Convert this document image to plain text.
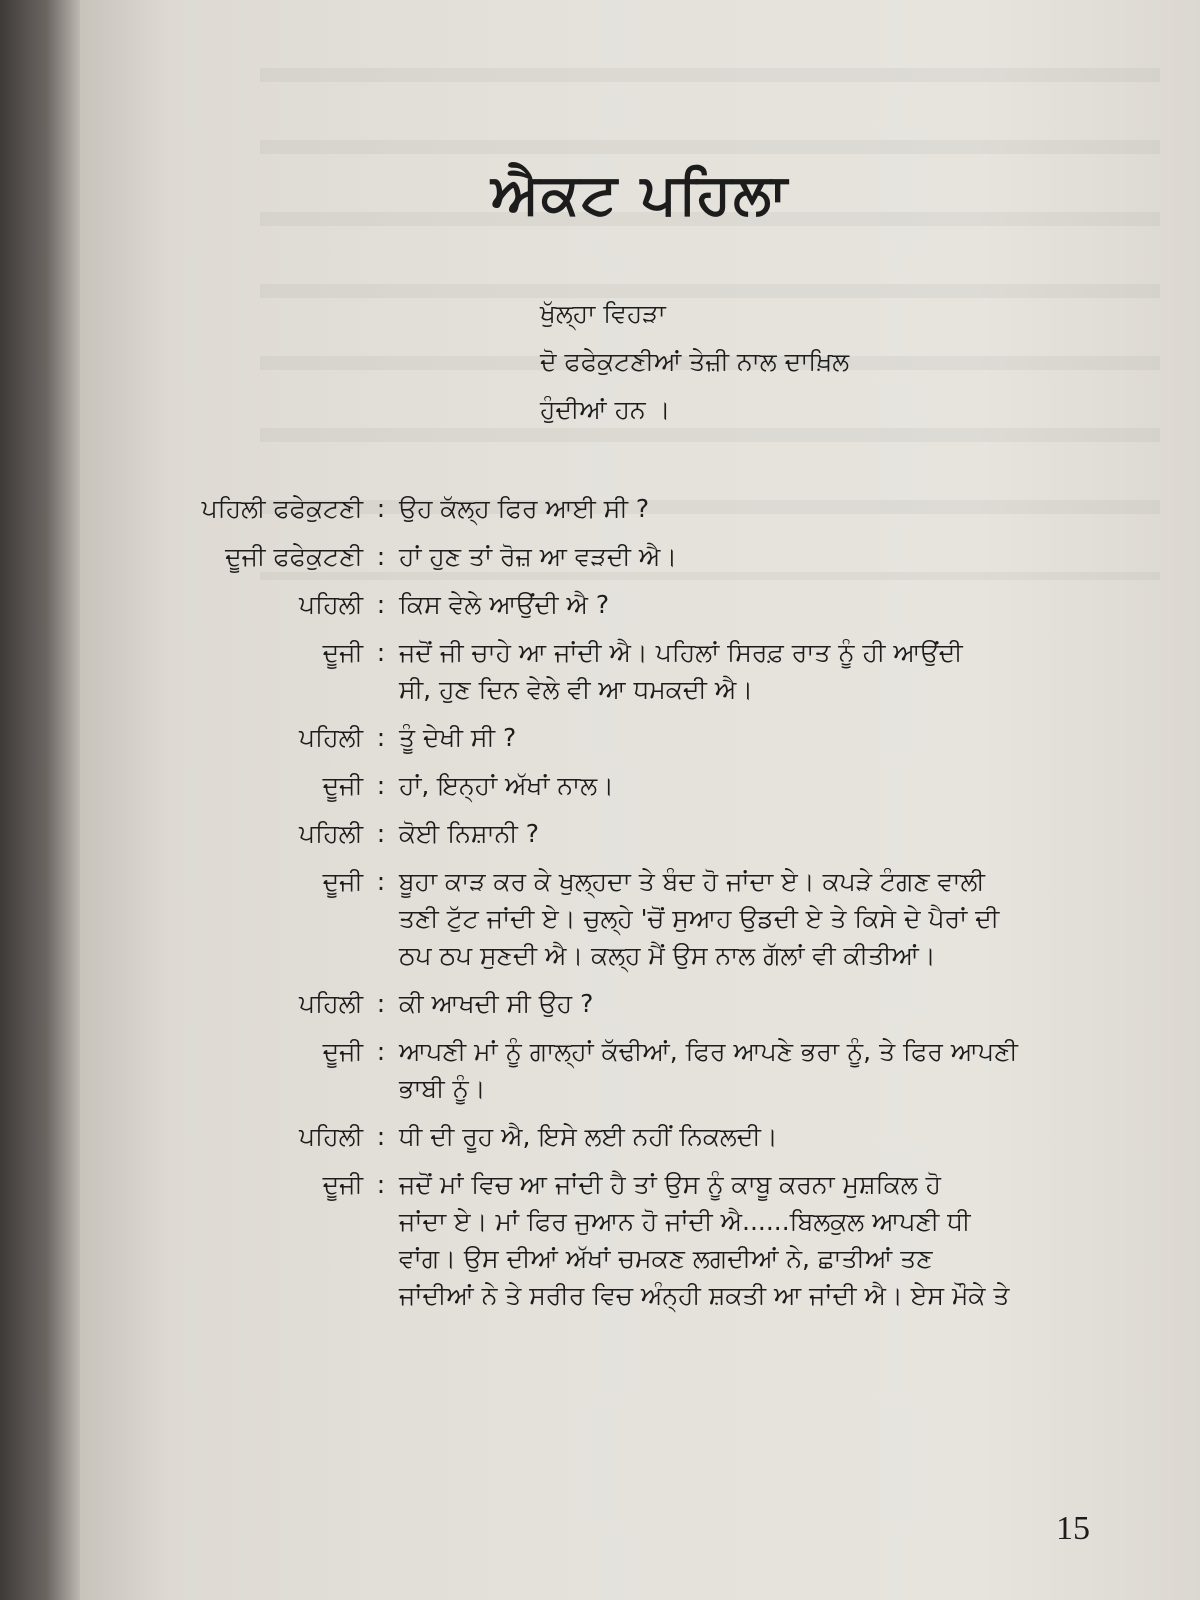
ਐਕਟ ਪਹਿਲਾ
ਖੁੱਲ੍ਹਾ ਵਿਹੜਾ
ਦੋ ਫਫੇਕੁਟਣੀਆਂ ਤੇਜ਼ੀ ਨਾਲ ਦਾਖ਼ਿਲ
ਹੁੰਦੀਆਂ ਹਨ ।
ਪਹਿਲੀ ਫਫੇਕੁਟਣੀ : ਉਹ ਕੱਲ੍ਹ ਫਿਰ ਆਈ ਸੀ ?
ਦੂਜੀ ਫਫੇਕੁਟਣੀ : ਹਾਂ ਹੁਣ ਤਾਂ ਰੋਜ਼ ਆ ਵੜਦੀ ਐ।
ਪਹਿਲੀ : ਕਿਸ ਵੇਲੇ ਆਉਂਦੀ ਐ ?
ਦੂਜੀ : ਜਦੋਂ ਜੀ ਚਾਹੇ ਆ ਜਾਂਦੀ ਐ। ਪਹਿਲਾਂ ਸਿਰਫ਼ ਰਾਤ ਨੂੰ ਹੀ ਆਉਂਦੀ
ਸੀ, ਹੁਣ ਦਿਨ ਵੇਲੇ ਵੀ ਆ ਧਮਕਦੀ ਐ।
ਪਹਿਲੀ : ਤੂੰ ਦੇਖੀ ਸੀ ?
ਦੂਜੀ : ਹਾਂ, ਇਨ੍ਹਾਂ ਅੱਖਾਂ ਨਾਲ।
ਪਹਿਲੀ : ਕੋਈ ਨਿਸ਼ਾਨੀ ?
ਦੂਜੀ : ਬੂਹਾ ਕਾੜ ਕਰ ਕੇ ਖੁਲ੍ਹਦਾ ਤੇ ਬੰਦ ਹੋ ਜਾਂਦਾ ਏ। ਕਪੜੇ ਟੰਗਣ ਵਾਲੀ
ਤਣੀ ਟੁੱਟ ਜਾਂਦੀ ਏ। ਚੁਲ੍ਹੇ 'ਚੋਂ ਸੁਆਹ ਉਡਦੀ ਏ ਤੇ ਕਿਸੇ ਦੇ ਪੈਰਾਂ ਦੀ
ਠਪ ਠਪ ਸੁਣਦੀ ਐ। ਕਲ੍ਹ ਮੈਂ ਉਸ ਨਾਲ ਗੱਲਾਂ ਵੀ ਕੀਤੀਆਂ।
ਪਹਿਲੀ : ਕੀ ਆਖਦੀ ਸੀ ਉਹ ?
ਦੂਜੀ : ਆਪਣੀ ਮਾਂ ਨੂੰ ਗਾਲ੍ਹਾਂ ਕੱਢੀਆਂ, ਫਿਰ ਆਪਣੇ ਭਰਾ ਨੂੰ, ਤੇ ਫਿਰ ਆਪਣੀ
ਭਾਬੀ ਨੂੰ।
ਪਹਿਲੀ : ਧੀ ਦੀ ਰੂਹ ਐ, ਇਸੇ ਲਈ ਨਹੀਂ ਨਿਕਲਦੀ।
ਦੂਜੀ : ਜਦੋਂ ਮਾਂ ਵਿਚ ਆ ਜਾਂਦੀ ਹੈ ਤਾਂ ਉਸ ਨੂੰ ਕਾਬੂ ਕਰਨਾ ਮੁਸ਼ਕਿਲ ਹੋ
ਜਾਂਦਾ ਏ। ਮਾਂ ਫਿਰ ਜੁਆਨ ਹੋ ਜਾਂਦੀ ਐ......ਬਿਲਕੁਲ ਆਪਣੀ ਧੀ
ਵਾਂਗ। ਉਸ ਦੀਆਂ ਅੱਖਾਂ ਚਮਕਣ ਲਗਦੀਆਂ ਨੇ, ਛਾਤੀਆਂ ਤਣ
ਜਾਂਦੀਆਂ ਨੇ ਤੇ ਸਰੀਰ ਵਿਚ ਅੰਨ੍ਹੀ ਸ਼ਕਤੀ ਆ ਜਾਂਦੀ ਐ। ਏਸ ਮੌਕੇ ਤੇ
15
